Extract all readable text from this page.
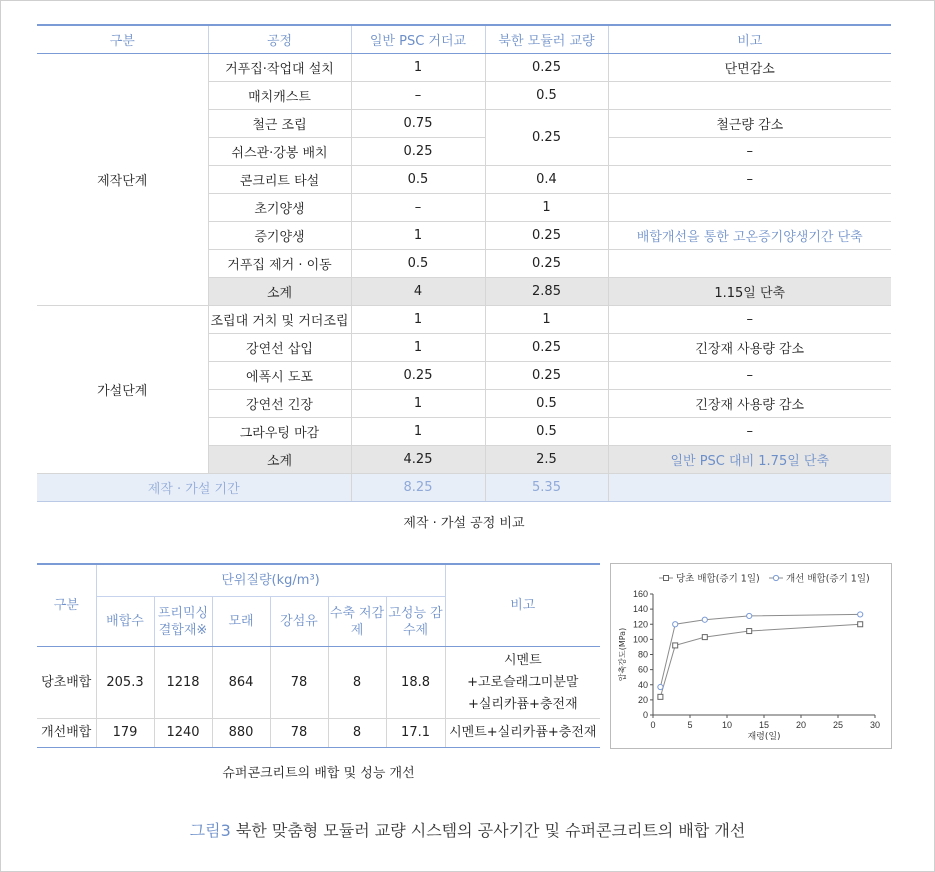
구분	공정	일반 PSC 거더교	북한 모듈러 교량	비고
제작단계	거푸집·작업대 설치	1	0.25	단면감소
	매치캐스트	–	0.5	
	철근 조립	0.75	0.25	철근량 감소
	쉬스관·강봉 배치	0.25		–
	콘크리트 타설	0.5	0.4	–
	초기양생	–	1	
	증기양생	1	0.25	배합개선을 통한 고온증기양생기간 단축
	거푸집 제거 · 이동	0.5	0.25	
	소계	4	2.85	1.15일 단축
가설단계	조립대 거치 및 거더조립	1	1	–
	강연선 삽입	1	0.25	긴장재 사용량 감소
	에폭시 도포	0.25	0.25	–
	강연선 긴장	1	0.5	긴장재 사용량 감소
	그라우팅 마감	1	0.5	–
	소계	4.25	2.5	일반 PSC 대비 1.75일 단축
제작 · 가설 기간		8.25	5.35	
제작 · 가설 공정 비교
구분	단위질량(kg/m³)						비고
	배합수	프리믹싱 결합재※	모래	강섬유	수축 저감제	고성능 감수제	
당초배합	205.3	1218	864	78	8	18.8	시멘트
+고로슬래그미분말
+실리카퓸+충전재

개선배합	179	1240	880	78	8	17.1	시멘트+실리카퓸+충전재
슈퍼콘크리트의 배합 및 성능 개선
0
20
40
60
80
100
120
140
160
0	5	10	15	20	25	30
재령(일)
압축강도(MPa)
당초 배합(증기 1일)	개선 배합(증기 1일)
그림3 북한 맞춤형 모듈러 교량 시스템의 공사기간 및 슈퍼콘크리트의 배합 개선
